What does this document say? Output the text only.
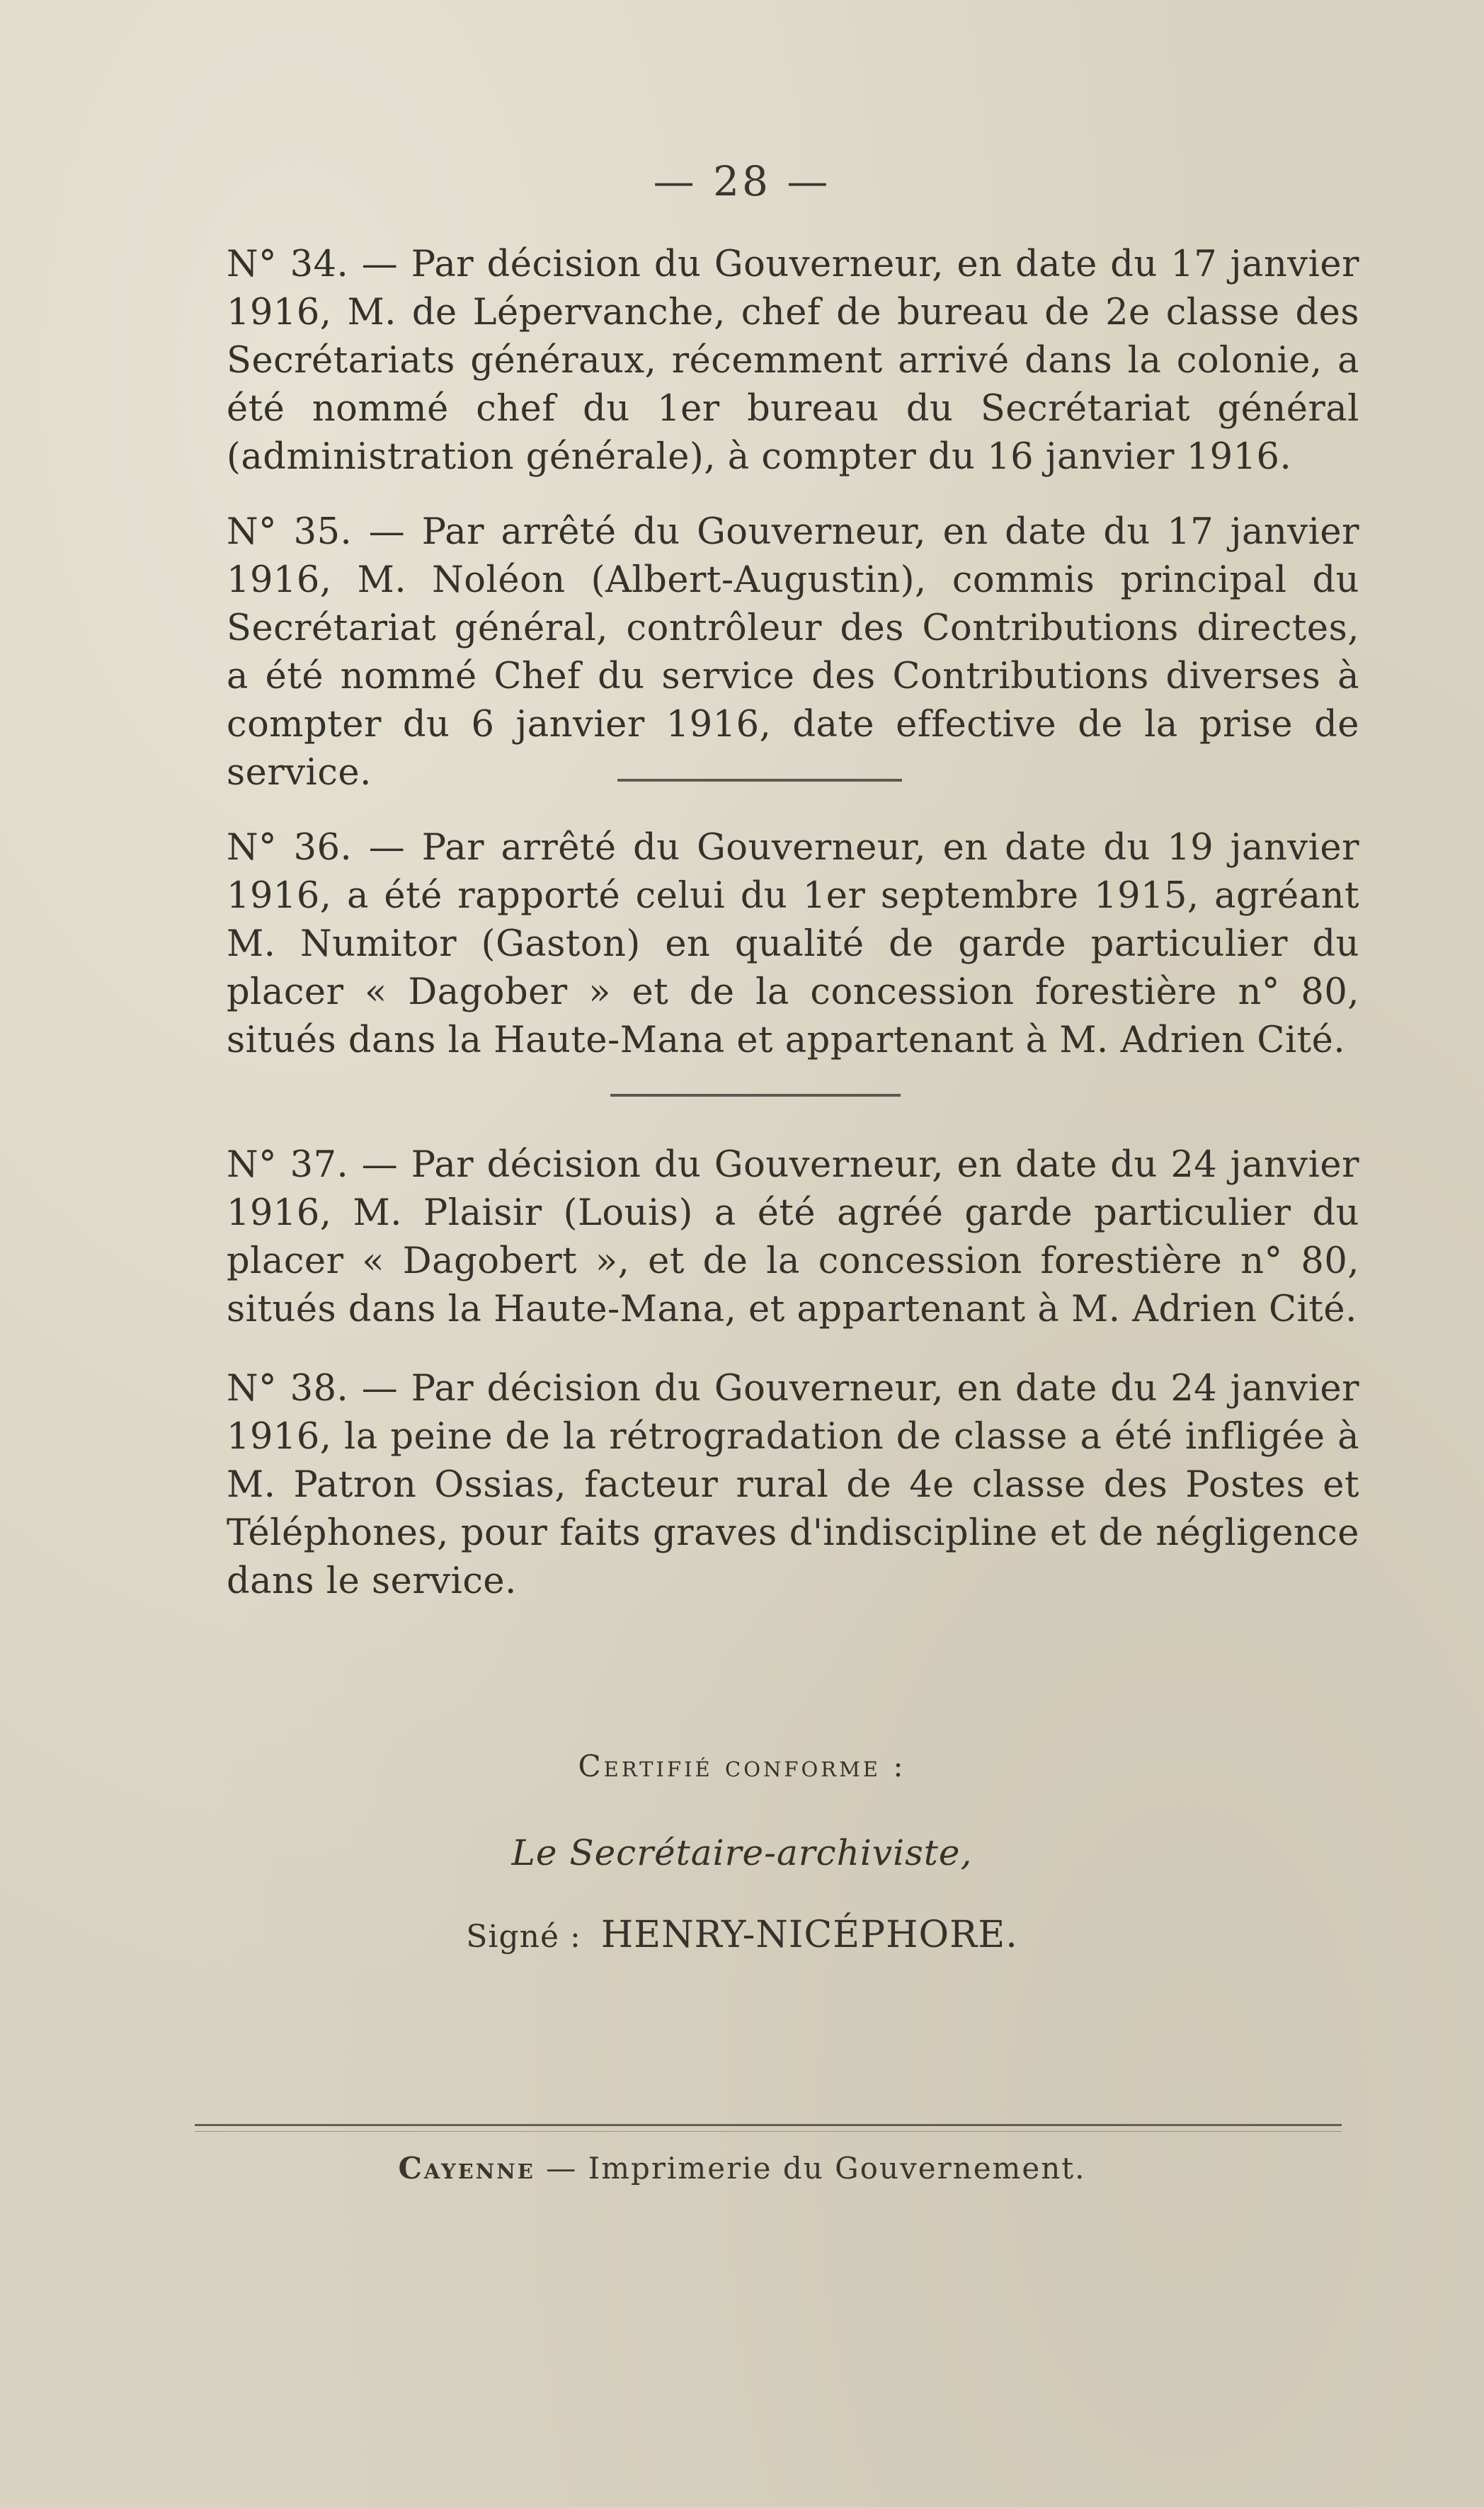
— 28 —
N° 34. — Par décision du Gouverneur, en date du 17 janvier 1916, M. de Lépervanche, chef de bureau de 2e classe des Secrétariats généraux, récemment arrivé dans la colonie, a été nommé chef du 1er bureau du Secrétariat général (administration générale), à compter du 16 janvier 1916.
N° 35. — Par arrêté du Gouverneur, en date du 17 janvier 1916, M. Noléon (Albert-Augustin), commis principal du Secrétariat général, contrôleur des Contributions directes, a été nommé Chef du service des Contributions diverses à compter du 6 janvier 1916, date effective de la prise de service.
N° 36. — Par arrêté du Gouverneur, en date du 19 janvier 1916, a été rapporté celui du 1er septembre 1915, agréant M. Numitor (Gaston) en qualité de garde particulier du placer « Dagober » et de la concession forestière n° 80, situés dans la Haute-Mana et appartenant à M. Adrien Cité.
N° 37. — Par décision du Gouverneur, en date du 24 janvier 1916, M. Plaisir (Louis) a été agréé garde particulier du placer « Dagobert », et de la concession forestière n° 80, situés dans la Haute-Mana, et appartenant à M. Adrien Cité.
N° 38. — Par décision du Gouverneur, en date du 24 janvier 1916, la peine de la rétrogradation de classe a été infligée à M. Patron Ossias, facteur rural de 4e classe des Postes et Téléphones, pour faits graves d'indiscipline et de négligence dans le service.
Certifié conforme :
Le Secrétaire-archiviste,
Signé : HENRY-NICÉPHORE.
Cayenne — Imprimerie du Gouvernement.
